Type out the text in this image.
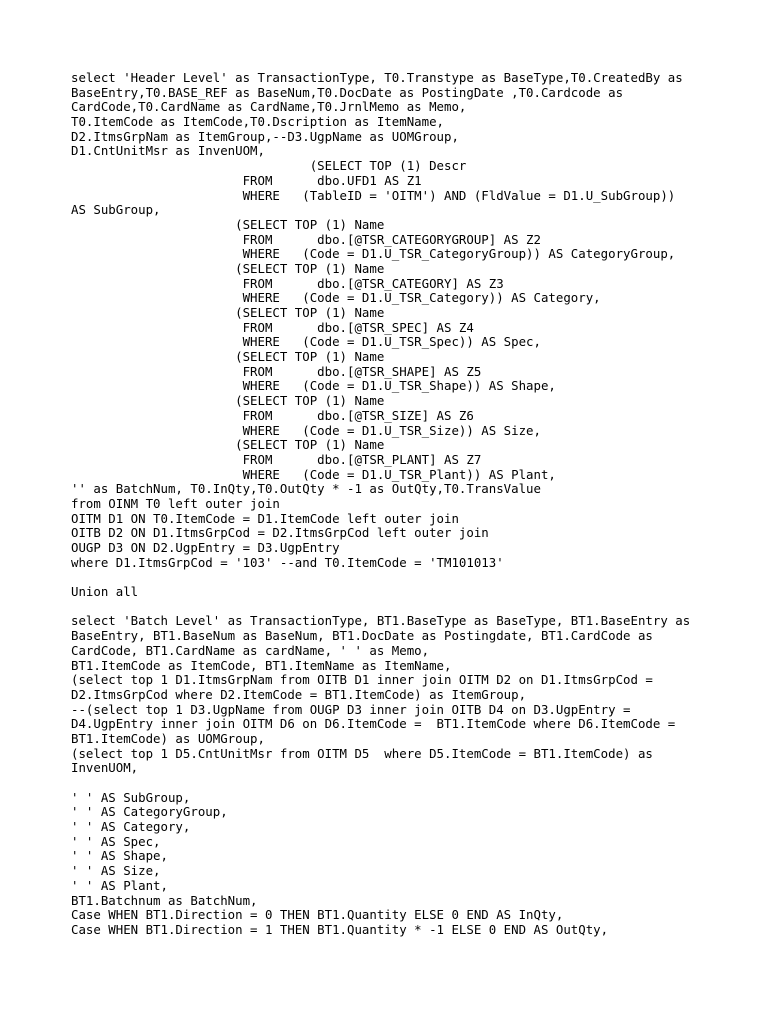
select 'Header Level' as TransactionType, T0.Transtype as BaseType,T0.CreatedBy as
BaseEntry,T0.BASE_REF as BaseNum,T0.DocDate as PostingDate ,T0.Cardcode as
CardCode,T0.CardName as CardName,T0.JrnlMemo as Memo,
T0.ItemCode as ItemCode,T0.Dscription as ItemName,
D2.ItmsGrpNam as ItemGroup,--D3.UgpName as UOMGroup,
D1.CntUnitMsr as InvenUOM,
(SELECT TOP (1) Descr
FROM      dbo.UFD1 AS Z1
WHERE   (TableID = 'OITM') AND (FldValue = D1.U_SubGroup))
AS SubGroup,
(SELECT TOP (1) Name
FROM      dbo.[@TSR_CATEGORYGROUP] AS Z2
WHERE   (Code = D1.U_TSR_CategoryGroup)) AS CategoryGroup,
(SELECT TOP (1) Name
FROM      dbo.[@TSR_CATEGORY] AS Z3
WHERE   (Code = D1.U_TSR_Category)) AS Category,
(SELECT TOP (1) Name
FROM      dbo.[@TSR_SPEC] AS Z4
WHERE   (Code = D1.U_TSR_Spec)) AS Spec,
(SELECT TOP (1) Name
FROM      dbo.[@TSR_SHAPE] AS Z5
WHERE   (Code = D1.U_TSR_Shape)) AS Shape,
(SELECT TOP (1) Name
FROM      dbo.[@TSR_SIZE] AS Z6
WHERE   (Code = D1.U_TSR_Size)) AS Size,
(SELECT TOP (1) Name
FROM      dbo.[@TSR_PLANT] AS Z7
WHERE   (Code = D1.U_TSR_Plant)) AS Plant,
'' as BatchNum, T0.InQty,T0.OutQty * -1 as OutQty,T0.TransValue
from OINM T0 left outer join
OITM D1 ON T0.ItemCode = D1.ItemCode left outer join
OITB D2 ON D1.ItmsGrpCod = D2.ItmsGrpCod left outer join
OUGP D3 ON D2.UgpEntry = D3.UgpEntry
where D1.ItmsGrpCod = '103' --and T0.ItemCode = 'TM101013'
Union all
select 'Batch Level' as TransactionType, BT1.BaseType as BaseType, BT1.BaseEntry as
BaseEntry, BT1.BaseNum as BaseNum, BT1.DocDate as Postingdate, BT1.CardCode as
CardCode, BT1.CardName as cardName, ' ' as Memo,
BT1.ItemCode as ItemCode, BT1.ItemName as ItemName,
(select top 1 D1.ItmsGrpNam from OITB D1 inner join OITM D2 on D1.ItmsGrpCod =
D2.ItmsGrpCod where D2.ItemCode = BT1.ItemCode) as ItemGroup,
--(select top 1 D3.UgpName from OUGP D3 inner join OITB D4 on D3.UgpEntry =
D4.UgpEntry inner join OITM D6 on D6.ItemCode =  BT1.ItemCode where D6.ItemCode =
BT1.ItemCode) as UOMGroup,
(select top 1 D5.CntUnitMsr from OITM D5  where D5.ItemCode = BT1.ItemCode) as
InvenUOM,
' ' AS SubGroup,
' ' AS CategoryGroup,
' ' AS Category,
' ' AS Spec,
' ' AS Shape,
' ' AS Size,
' ' AS Plant,
BT1.Batchnum as BatchNum,
Case WHEN BT1.Direction = 0 THEN BT1.Quantity ELSE 0 END AS InQty,
Case WHEN BT1.Direction = 1 THEN BT1.Quantity * -1 ELSE 0 END AS OutQty,
